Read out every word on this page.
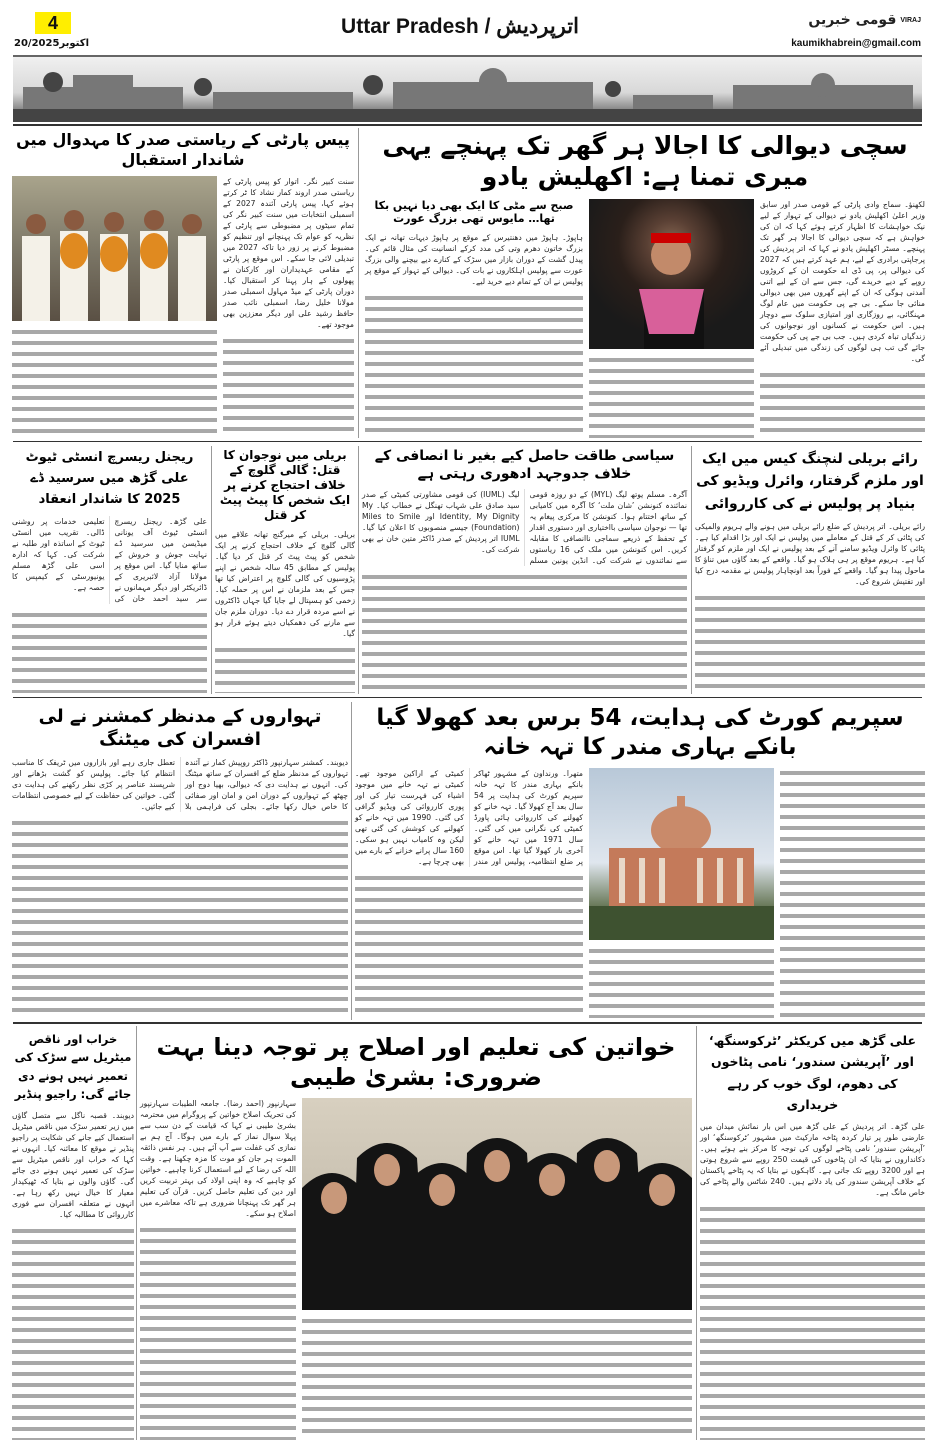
4
20/اکتوبر2025
Uttar Pradesh / اترپردیش	قومی خبریں VIRAJ
kaumikhabrein@gmail.com
سچی دیوالی کا اجالا ہر گھر تک پہنچے یہی میری تمنا ہے: اکھلیش یادو
لکھنؤ۔ سماج وادی پارٹی کے قومی صدر اور سابق وزیر اعلیٰ اکھلیش یادو نے دیوالی کے تہوار کے لیے نیک خواہشات کا اظہار کرتے ہوئے کہا کہ ان کی خواہش ہے کہ سچی دیوالی کا اجالا ہر گھر تک پہنچے۔ مسٹر اکھلیش یادو نے کہا کہ اتر پردیش کی پرجاپتی برادری کے لیے، ہم عہد کرتے ہیں کہ 2027 کی دیوالی پر، پی ڈی اے حکومت ان کے کروڑوں روپے کے دیے خریدے گی، جس سے ان کے لیے اتنی آمدنی ہوگی کہ ان کے اپنے گھروں میں بھی دیوالی منائی جا سکے۔ بی جے پی حکومت میں عام لوگ مہنگائی، بے روزگاری اور امتیازی سلوک سے دوچار ہیں۔ اس حکومت نے کسانوں اور نوجوانوں کی زندگیاں تباہ کردی ہیں۔ جب بی جے پی کی حکومت جائے گی تب ہی لوگوں کی زندگی میں تبدیلی آئے گی۔
صبح سے مٹی کا ایک بھی دیا نہیں بکا تھا… مایوس تھی بزرگ عورت
ہاپوڑ۔ ہاپوڑ میں دھنتیرس کے موقع پر ہاپوڑ دیہات تھانہ نے ایک بزرگ خاتون دھرم وتی کی مدد کرکے انسانیت کی مثال قائم کی۔ پیدل گشت کے دوران بازار میں سڑک کے کنارے دیے بیچنے والی بزرگ عورت سے پولیس اہلکاروں نے بات کی۔ دیوالی کے تہوار کے موقع پر پولیس نے ان کے تمام دیے خرید لیے۔
پیس پارٹی کے ریاستی صدر کا مہدوال میں شاندار استقبال
سنت کبیر نگر۔ اتوار کو پیس پارٹی کے ریاستی صدر اروند کمار نشاد کا ٹر کرتے ہوئے کہا، پیس پارٹی آئندہ 2027 کے اسمبلی انتخابات میں سنت کبیر نگر کی تمام سیٹوں پر مضبوطی سے پارٹی کے نظریہ کو عوام تک پہنچانے اور تنظیم کو مضبوط کرنے پر زور دیا تاکہ 2027 میں تبدیلی لائی جا سکے۔ اس موقع پر پارٹی کے مقامی عہدیداران اور کارکنان نے پھولوں کے ہار پہنا کر استقبال کیا۔ دوران پارٹی کے میڈ مہاول اسمبلی صدر مولانا خلیل رضا، اسمبلی نائب صدر حافظ رشید علی اور دیگر معززین بھی موجود تھے۔
رائے بریلی لنچنگ کیس میں ایک اور ملزم گرفتار، وائرل ویڈیو کی بنیاد پر پولیس نے کی کارروائی
رائے بریلی۔ اتر پردیش کے ضلع رائے بریلی میں ہونے والے ہریوم والمیکی کی پٹائی کر کے قتل کے معاملے میں پولیس نے ایک اور بڑا اقدام کیا ہے۔ پٹائی کا وائرل ویڈیو سامنے آنے کے بعد پولیس نے ایک اور ملزم کو گرفتار کیا ہے۔ ہریوم موقع پر ہی ہلاک ہو گیا۔ واقعے کے بعد گاؤں میں تناؤ کا ماحول پیدا ہو گیا۔ واقعے کے فوراً بعد اونچاہار پولیس نے مقدمہ درج کیا اور تفتیش شروع کی۔
سیاسی طاقت حاصل کیے بغیر نا انصافی کے خلاف جدوجہد ادھوری رہتی ہے
آگرہ۔ مسلم یوتھ لیگ (MYL) کے دو روزہ قومی نمائندہ کنونشن ’شان ملت‘ کا آگرہ میں کامیابی کے ساتھ اختتام ہوا۔ کنونشن کا مرکزی پیغام یہ تھا — نوجوان سیاسی بااختیاری اور دستوری اقدار کے تحفظ کے ذریعے سماجی ناانصافی کا مقابلہ کریں۔ اس کنونشن میں ملک کی 16 ریاستوں سے نمائندوں نے شرکت کی۔ انڈین یونین مسلم لیگ (IUML) کی قومی مشاورتی کمیٹی کے صدر سید صادق علی شہاب تھنگل نے خطاب کیا۔ My Identity, My Dignity اور Miles to Smile (Foundation) جیسے منصوبوں کا اعلان کیا گیا۔ IUML اتر پردیش کے صدر ڈاکٹر متین خان نے بھی شرکت کی۔
بریلی میں نوجوان کا قتل: گالی گلوچ کے خلاف احتجاج کرنے پر ایک شخص کا پیٹ پیٹ کر قتل
بریلی۔ بریلی کے میرگنج تھانہ علاقے میں گالی گلوچ کے خلاف احتجاج کرنے پر ایک شخص کو پیٹ پیٹ کر قتل کر دیا گیا۔ پولیس کے مطابق 45 سالہ شخص نے اپنے پڑوسیوں کی گالی گلوچ پر اعتراض کیا تھا جس کے بعد ملزمان نے اس پر حملہ کیا۔ زخمی کو ہسپتال لے جایا گیا جہاں ڈاکٹروں نے اسے مردہ قرار دے دیا۔ دوران ملزم جان سے مارنے کی دھمکیاں دیتے ہوئے فرار ہو گیا۔
ریجنل ریسرچ انسٹی ٹیوٹ علی گڑھ میں سرسید ڈے 2025 کا شاندار انعقاد
علی گڑھ۔ ریجنل ریسرچ انسٹی ٹیوٹ آف یونانی میڈیسن میں سرسید ڈے نہایت جوش و خروش کے ساتھ منایا گیا۔ اس موقع پر مولانا آزاد لائبریری کے ڈائریکٹر اور دیگر مہمانوں نے سر سید احمد خان کی تعلیمی خدمات پر روشنی ڈالی۔ تقریب میں انسٹی ٹیوٹ کے اساتذہ اور طلبہ نے شرکت کی۔ کہا کہ ادارہ اسی علی گڑھ مسلم یونیورسٹی کے کیمپس کا حصہ ہے۔
سپریم کورٹ کی ہدایت، 54 برس بعد کھولا گیا بانکے بہاری مندر کا تہہ خانہ
متھرا۔ ورنداون کے مشہور ٹھاکر بانکے بہاری مندر کا تہہ خانہ سپریم کورٹ کی ہدایت پر 54 سال بعد آج کھولا گیا۔ تہہ خانے کو کھولنے کی کارروائی ہائی پاورڈ کمیٹی کی نگرانی میں کی گئی۔ سال 1971 میں تہہ خانے کو آخری بار کھولا گیا تھا۔ اس موقع پر ضلع انتظامیہ، پولیس اور مندر کمیٹی کے اراکین موجود تھے۔ کمیٹی نے تہہ خانے میں موجود اشیاء کی فہرست تیار کی اور پوری کارروائی کی ویڈیو گرافی کی گئی۔ 1990 میں تہہ خانے کو کھولنے کی کوشش کی گئی تھی لیکن وہ کامیاب نہیں ہو سکی۔ 160 سال پرانے خزانے کے بارے میں بھی چرچا ہے۔
تہواروں کے مدنظر کمشنر نے لی افسران کی میٹنگ
دیوبند۔ کمشنر سہارنپور ڈاکٹر روپیش کمار نے آئندہ تہواروں کے مدنظر ضلع کے افسران کے ساتھ میٹنگ کی۔ انہوں نے ہدایت دی کہ دیوالی، بھیا دوج اور چھٹھ کے تہواروں کے دوران امن و امان اور صفائی کا خاص خیال رکھا جائے۔ بجلی کی فراہمی بلا تعطل جاری رہے اور بازاروں میں ٹریفک کا مناسب انتظام کیا جائے۔ پولیس کو گشت بڑھانے اور شرپسند عناصر پر کڑی نظر رکھنے کی ہدایت دی گئی۔ خواتین کی حفاظت کے لیے خصوصی انتظامات کیے جائیں۔
علی گڑھ میں کریکٹر ’ٹرکوسنگھ‘ اور ’آپریشن سندور‘ نامی پٹاخوں کی دھوم، لوگ خوب کر رہے خریداری
علی گڑھ۔ اتر پردیش کے علی گڑھ میں اس بار نمائش میدان میں عارضی طور پر تیار کردہ پٹاخہ مارکیٹ میں مشہور ’ٹرکوسنگھ‘ اور ’آپریشن سندور‘ نامی پٹاخے لوگوں کی توجہ کا مرکز بنے ہوئے ہیں۔ دکانداروں نے بتایا کہ ان پٹاخوں کی قیمت 250 روپے سے شروع ہوتی ہے اور 3200 روپے تک جاتی ہے۔ گاہکوں نے بتایا کہ یہ پٹاخے پاکستان کے خلاف آپریشن سندور کی یاد دلاتے ہیں۔ 240 شاٹس والے پٹاخے کی خاص مانگ ہے۔
خواتین کی تعلیم اور اصلاح پر توجہ دینا بہت ضروری: بشریٰ طیبی
سہارنپور (احمد رضا)۔ جامعہ الطیبات سہارنپور کی تحریک اصلاح خواتین کے پروگرام میں محترمہ بشریٰ طیبی نے کہا کہ قیامت کے دن سب سے پہلا سوال نماز کے بارے میں ہوگا۔ آج ہم بے نمازی کی غفلت سے آپ آئے ہیں۔ ہر نفس ذائقہ الموت ہر جان کو موت کا مزہ چکھنا ہے۔ وقت اللہ کی رضا کے لیے استعمال کرنا چاہیے۔ خواتین کو چاہیے کہ وہ اپنی اولاد کی بہتر تربیت کریں اور دین کی تعلیم حاصل کریں۔ قرآن کی تعلیم ہر گھر تک پہنچانا ضروری ہے تاکہ معاشرے میں اصلاح ہو سکے۔
خراب اور ناقص میٹریل سے سڑک کی تعمیر نہیں ہونے دی جائے گی: راجیو پنڈیر
دیوبند۔ قصبہ ناگل سے متصل گاؤں میں زیر تعمیر سڑک میں ناقص میٹریل استعمال کیے جانے کی شکایت پر راجیو پنڈیر نے موقع کا معائنہ کیا۔ انہوں نے کہا کہ خراب اور ناقص میٹریل سے سڑک کی تعمیر نہیں ہونے دی جائے گی۔ گاؤں والوں نے بتایا کہ ٹھیکیدار معیار کا خیال نہیں رکھ رہا ہے۔ انہوں نے متعلقہ افسران سے فوری کارروائی کا مطالبہ کیا۔
